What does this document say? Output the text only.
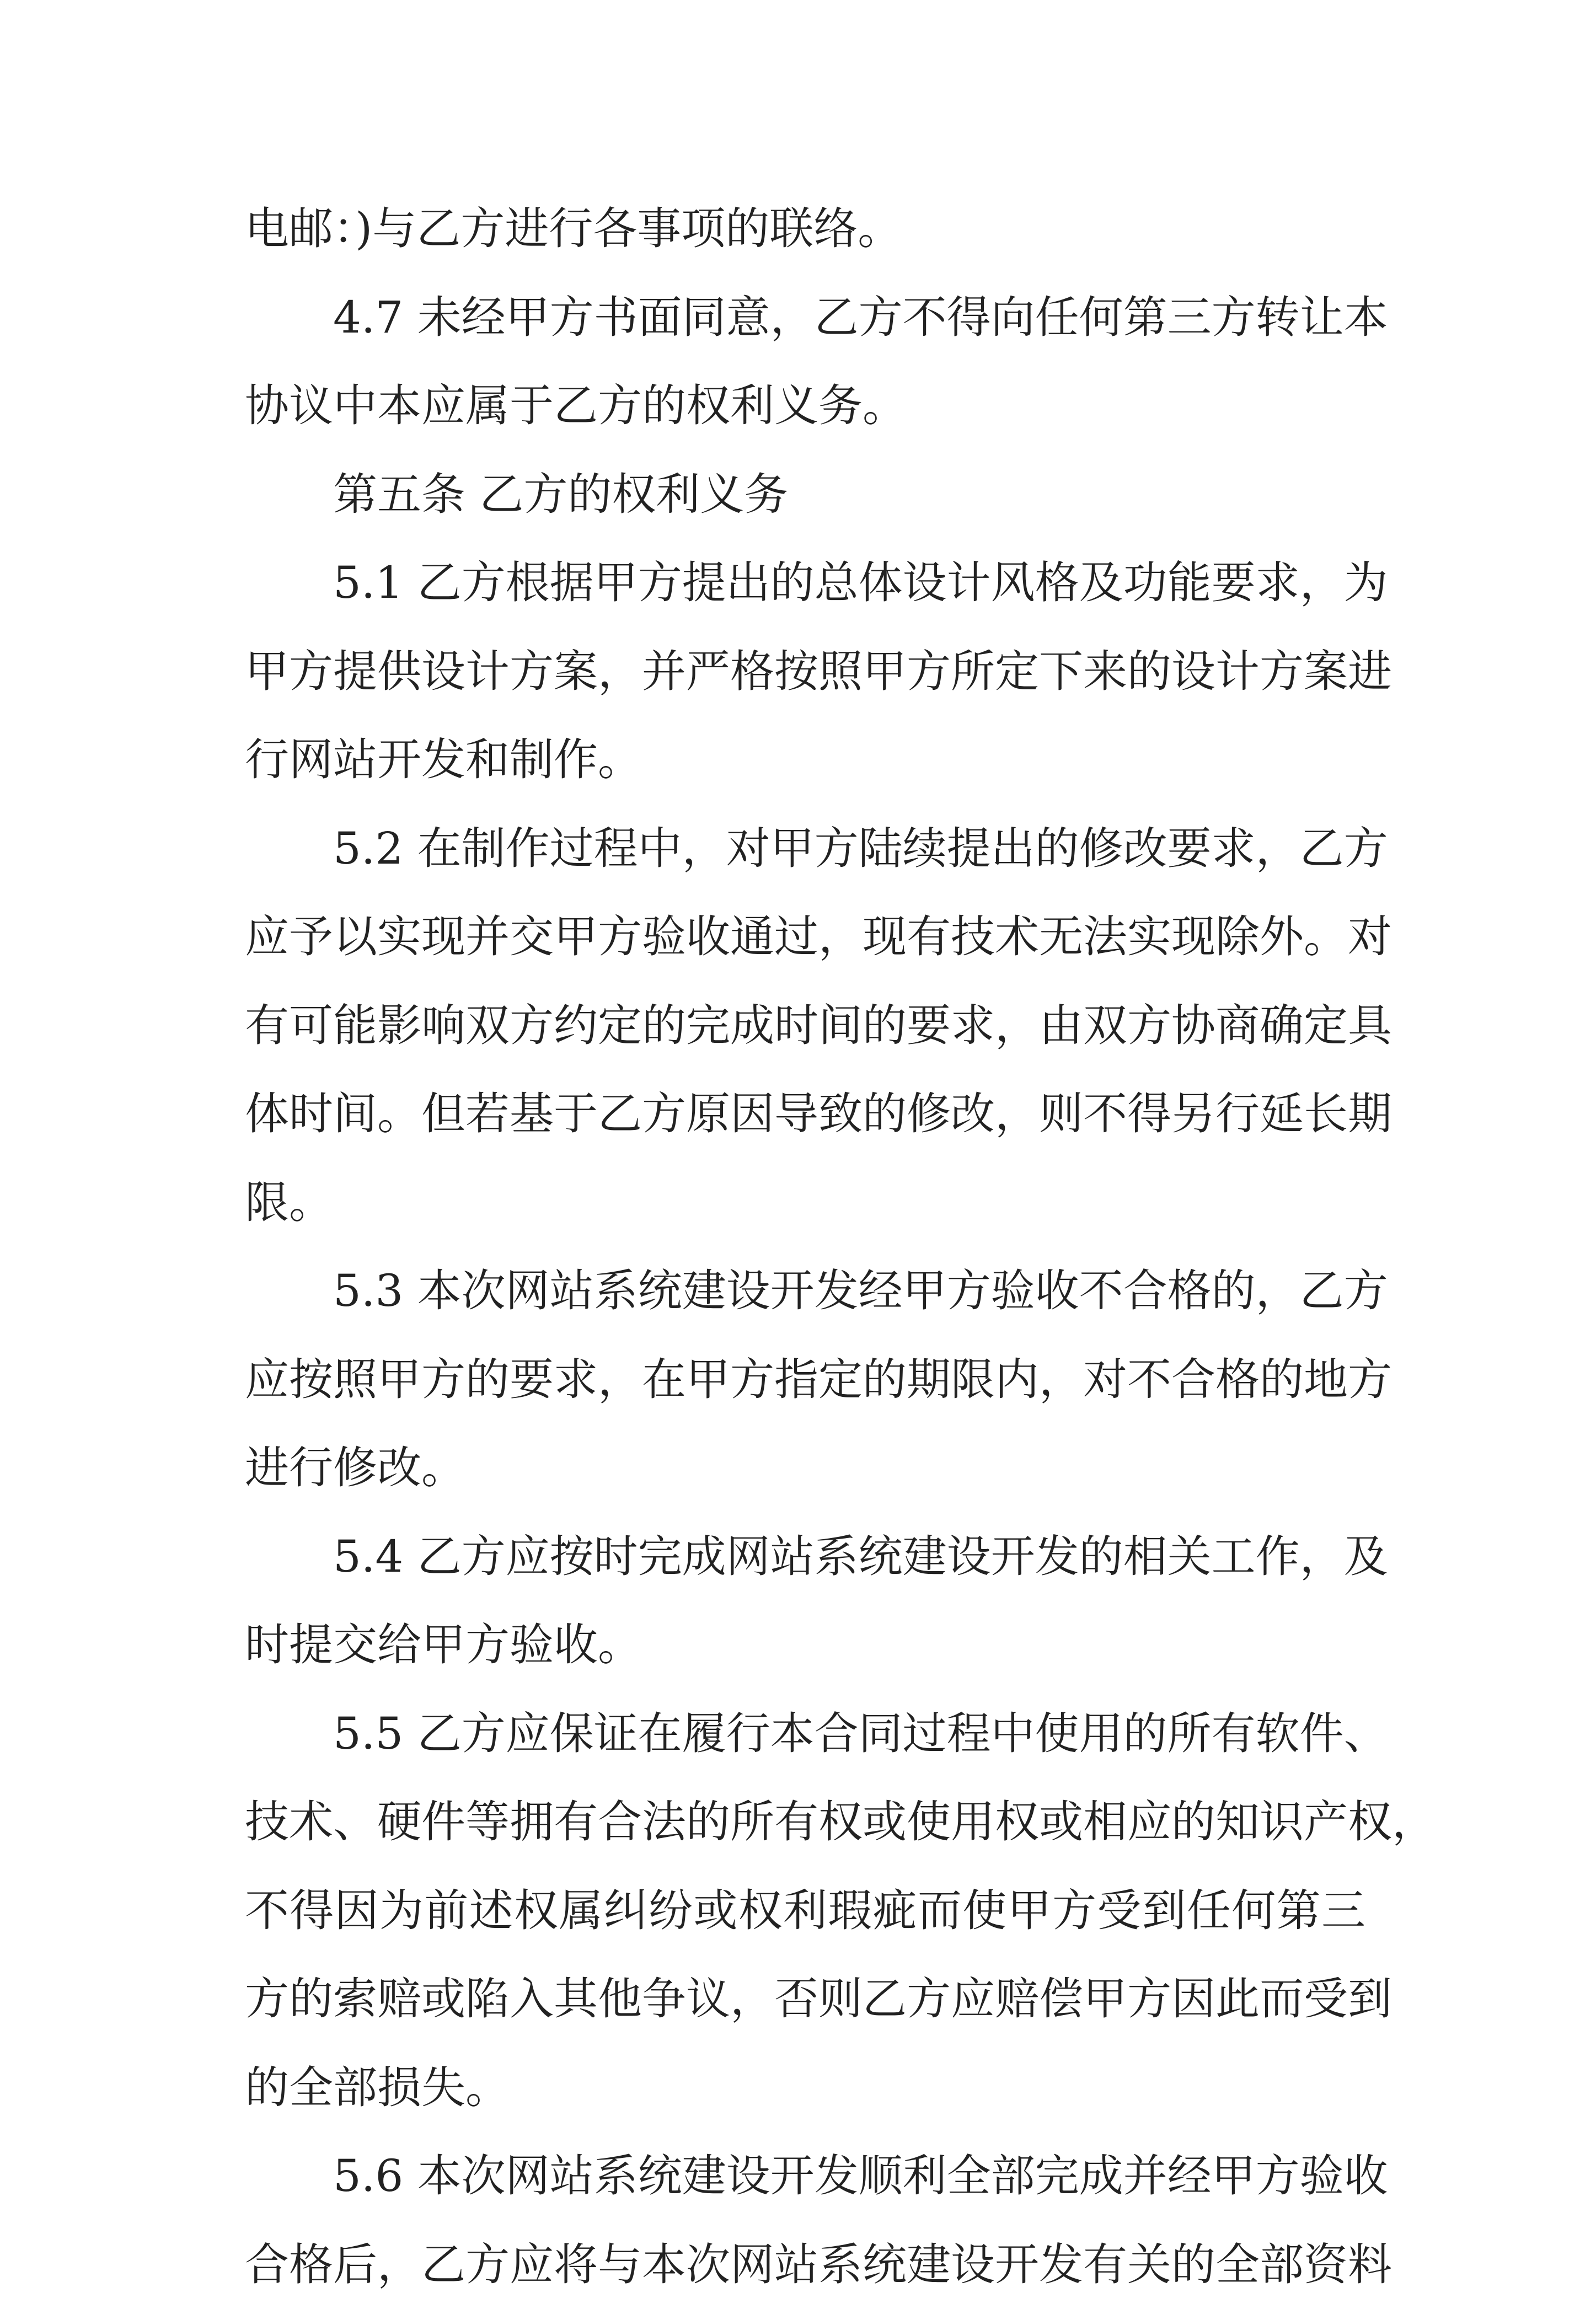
电邮：)与乙方进行各事项的联络。
4.7 未经甲方书面同意，乙方不得向任何第三方转让本
协议中本应属于乙方的权利义务。
第五条 乙方的权利义务
5.1 乙方根据甲方提出的总体设计风格及功能要求，为
甲方提供设计方案，并严格按照甲方所定下来的设计方案进
行网站开发和制作。
5.2 在制作过程中，对甲方陆续提出的修改要求，乙方
应予以实现并交甲方验收通过，现有技术无法实现除外。对
有可能影响双方约定的完成时间的要求，由双方协商确定具
体时间。但若基于乙方原因导致的修改，则不得另行延长期
限。
5.3 本次网站系统建设开发经甲方验收不合格的，乙方
应按照甲方的要求，在甲方指定的期限内，对不合格的地方
进行修改。
5.4 乙方应按时完成网站系统建设开发的相关工作，及
时提交给甲方验收。
5.5 乙方应保证在履行本合同过程中使用的所有软件、
技术、硬件等拥有合法的所有权或使用权或相应的知识产权，
不得因为前述权属纠纷或权利瑕疵而使甲方受到任何第三
方的索赔或陷入其他争议，否则乙方应赔偿甲方因此而受到
的全部损失。
5.6 本次网站系统建设开发顺利全部完成并经甲方验收
合格后，乙方应将与本次网站系统建设开发有关的全部资料
